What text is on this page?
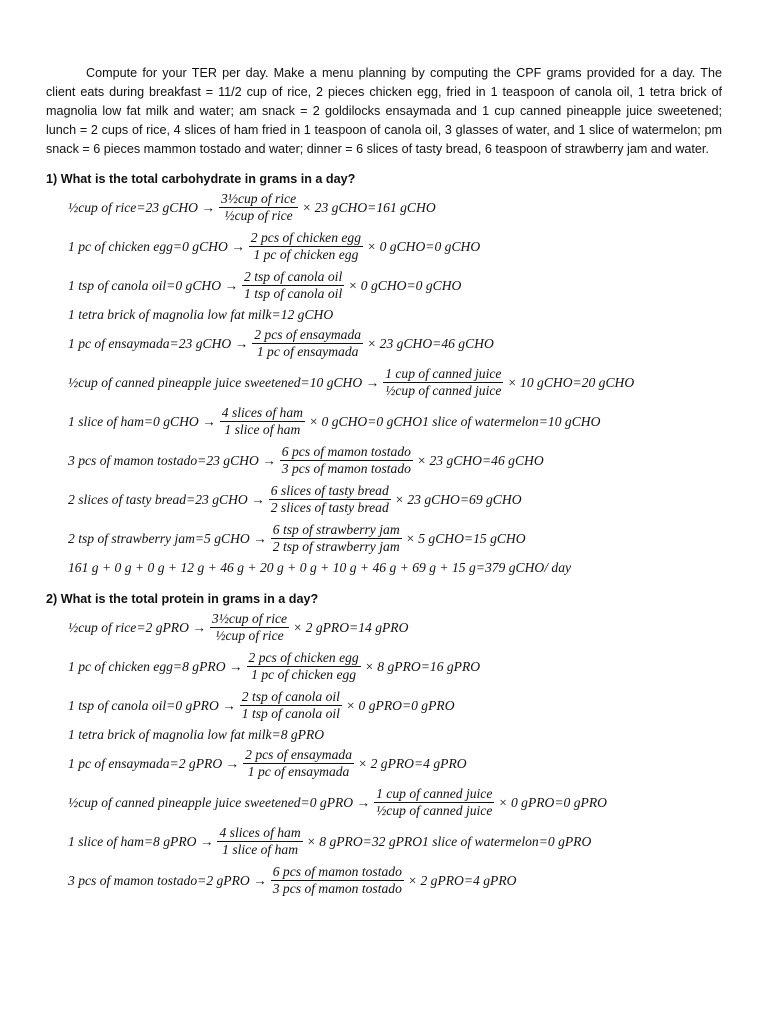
Compute for your TER per day. Make a menu planning by computing the CPF grams provided for a day. The client eats during breakfast = 11/2 cup of rice, 2 pieces chicken egg, fried in 1 teaspoon of canola oil, 1 tetra brick of magnolia low fat milk and water; am snack = 2 goldilocks ensaymada and 1 cup canned pineapple juice sweetened; lunch = 2 cups of rice, 4 slices of ham fried in 1 teaspoon of canola oil, 3 glasses of water, and 1 slice of watermelon; pm snack = 6 pieces mammon tostado and water; dinner = 6 slices of tasty bread, 6 teaspoon of strawberry jam and water.

1) What is the total carbohydrate in grams in a day?

½cup of rice=23 gCHO → $\frac{\text{3½cup of rice}}{\text{½cup of rice}} \times 23$ gCHO=161 gCHO
1 pc of chicken egg=0 gCHO → $\frac{\text{2 pcs of chicken egg}}{\text{1 pc of chicken egg}} \times 0$ gCHO=0 gCHO
1 tsp of canola oil=0 gCHO → $\frac{\text{2 tsp of canola oil}}{\text{1 tsp of canola oil}} \times 0$ gCHO=0 gCHO
1 tetra brick of magnolia low fat milk=12 gCHO
1 pc of ensaymada=23 gCHO → $\frac{\text{2 pcs of ensaymada}}{\text{1 pc of ensaymada}} \times 23$ gCHO=46 gCHO
½cup of canned pineapple juice sweetened=10 gCHO → $\frac{\text{1 cup of canned juice}}{\text{½cup of canned juice}} \times 10$ gCHO=20 gCHO
1 slice of ham=0 gCHO → $\frac{\text{4 slices of ham}}{\text{1 slice of ham}} \times 0$ gCHO=0 gCHO1 slice of watermelon=10 gCHO
3 pcs of mamon tostado=23 gCHO → $\frac{\text{6 pcs of mamon tostado}}{\text{3 pcs of mamon tostado}} \times 23$ gCHO=46 gCHO
2 slices of tasty bread=23 gCHO → $\frac{\text{6 slices of tasty bread}}{\text{2 slices of tasty bread}} \times 23$ gCHO=69 gCHO
2 tsp of strawberry jam=5 gCHO → $\frac{\text{6 tsp of strawberry jam}}{\text{2 tsp of strawberry jam}} \times 5$ gCHO=15 gCHO
161 g + 0 g + 0 g + 12 g + 46 g + 20 g + 0 g + 10 g + 46 g + 69 g + 15 g=379 gCHO/ day

2) What is the total protein in grams in a day?

½cup of rice=2 gPRO → $\frac{\text{3½cup of rice}}{\text{½cup of rice}} \times 2$ gPRO=14 gPRO
1 pc of chicken egg=8 gPRO → $\frac{\text{2 pcs of chicken egg}}{\text{1 pc of chicken egg}} \times 8$ gPRO=16 gPRO
1 tsp of canola oil=0 gPRO → $\frac{\text{2 tsp of canola oil}}{\text{1 tsp of canola oil}} \times 0$ gPRO=0 gPRO
1 tetra brick of magnolia low fat milk=8 gPRO
1 pc of ensaymada=2 gPRO → $\frac{\text{2 pcs of ensaymada}}{\text{1 pc of ensaymada}} \times 2$ gPRO=4 gPRO
½cup of canned pineapple juice sweetened=0 gPRO → $\frac{\text{1 cup of canned juice}}{\text{½cup of canned juice}} \times 0$ gPRO=0 gPRO
1 slice of ham=8 gPRO → $\frac{\text{4 slices of ham}}{\text{1 slice of ham}} \times 8$ gPRO=32 gPRO1 slice of watermelon=0 gPRO
3 pcs of mamon tostado=2 gPRO → $\frac{\text{6 pcs of mamon tostado}}{\text{3 pcs of mamon tostado}} \times 2$ gPRO=4 gPRO
